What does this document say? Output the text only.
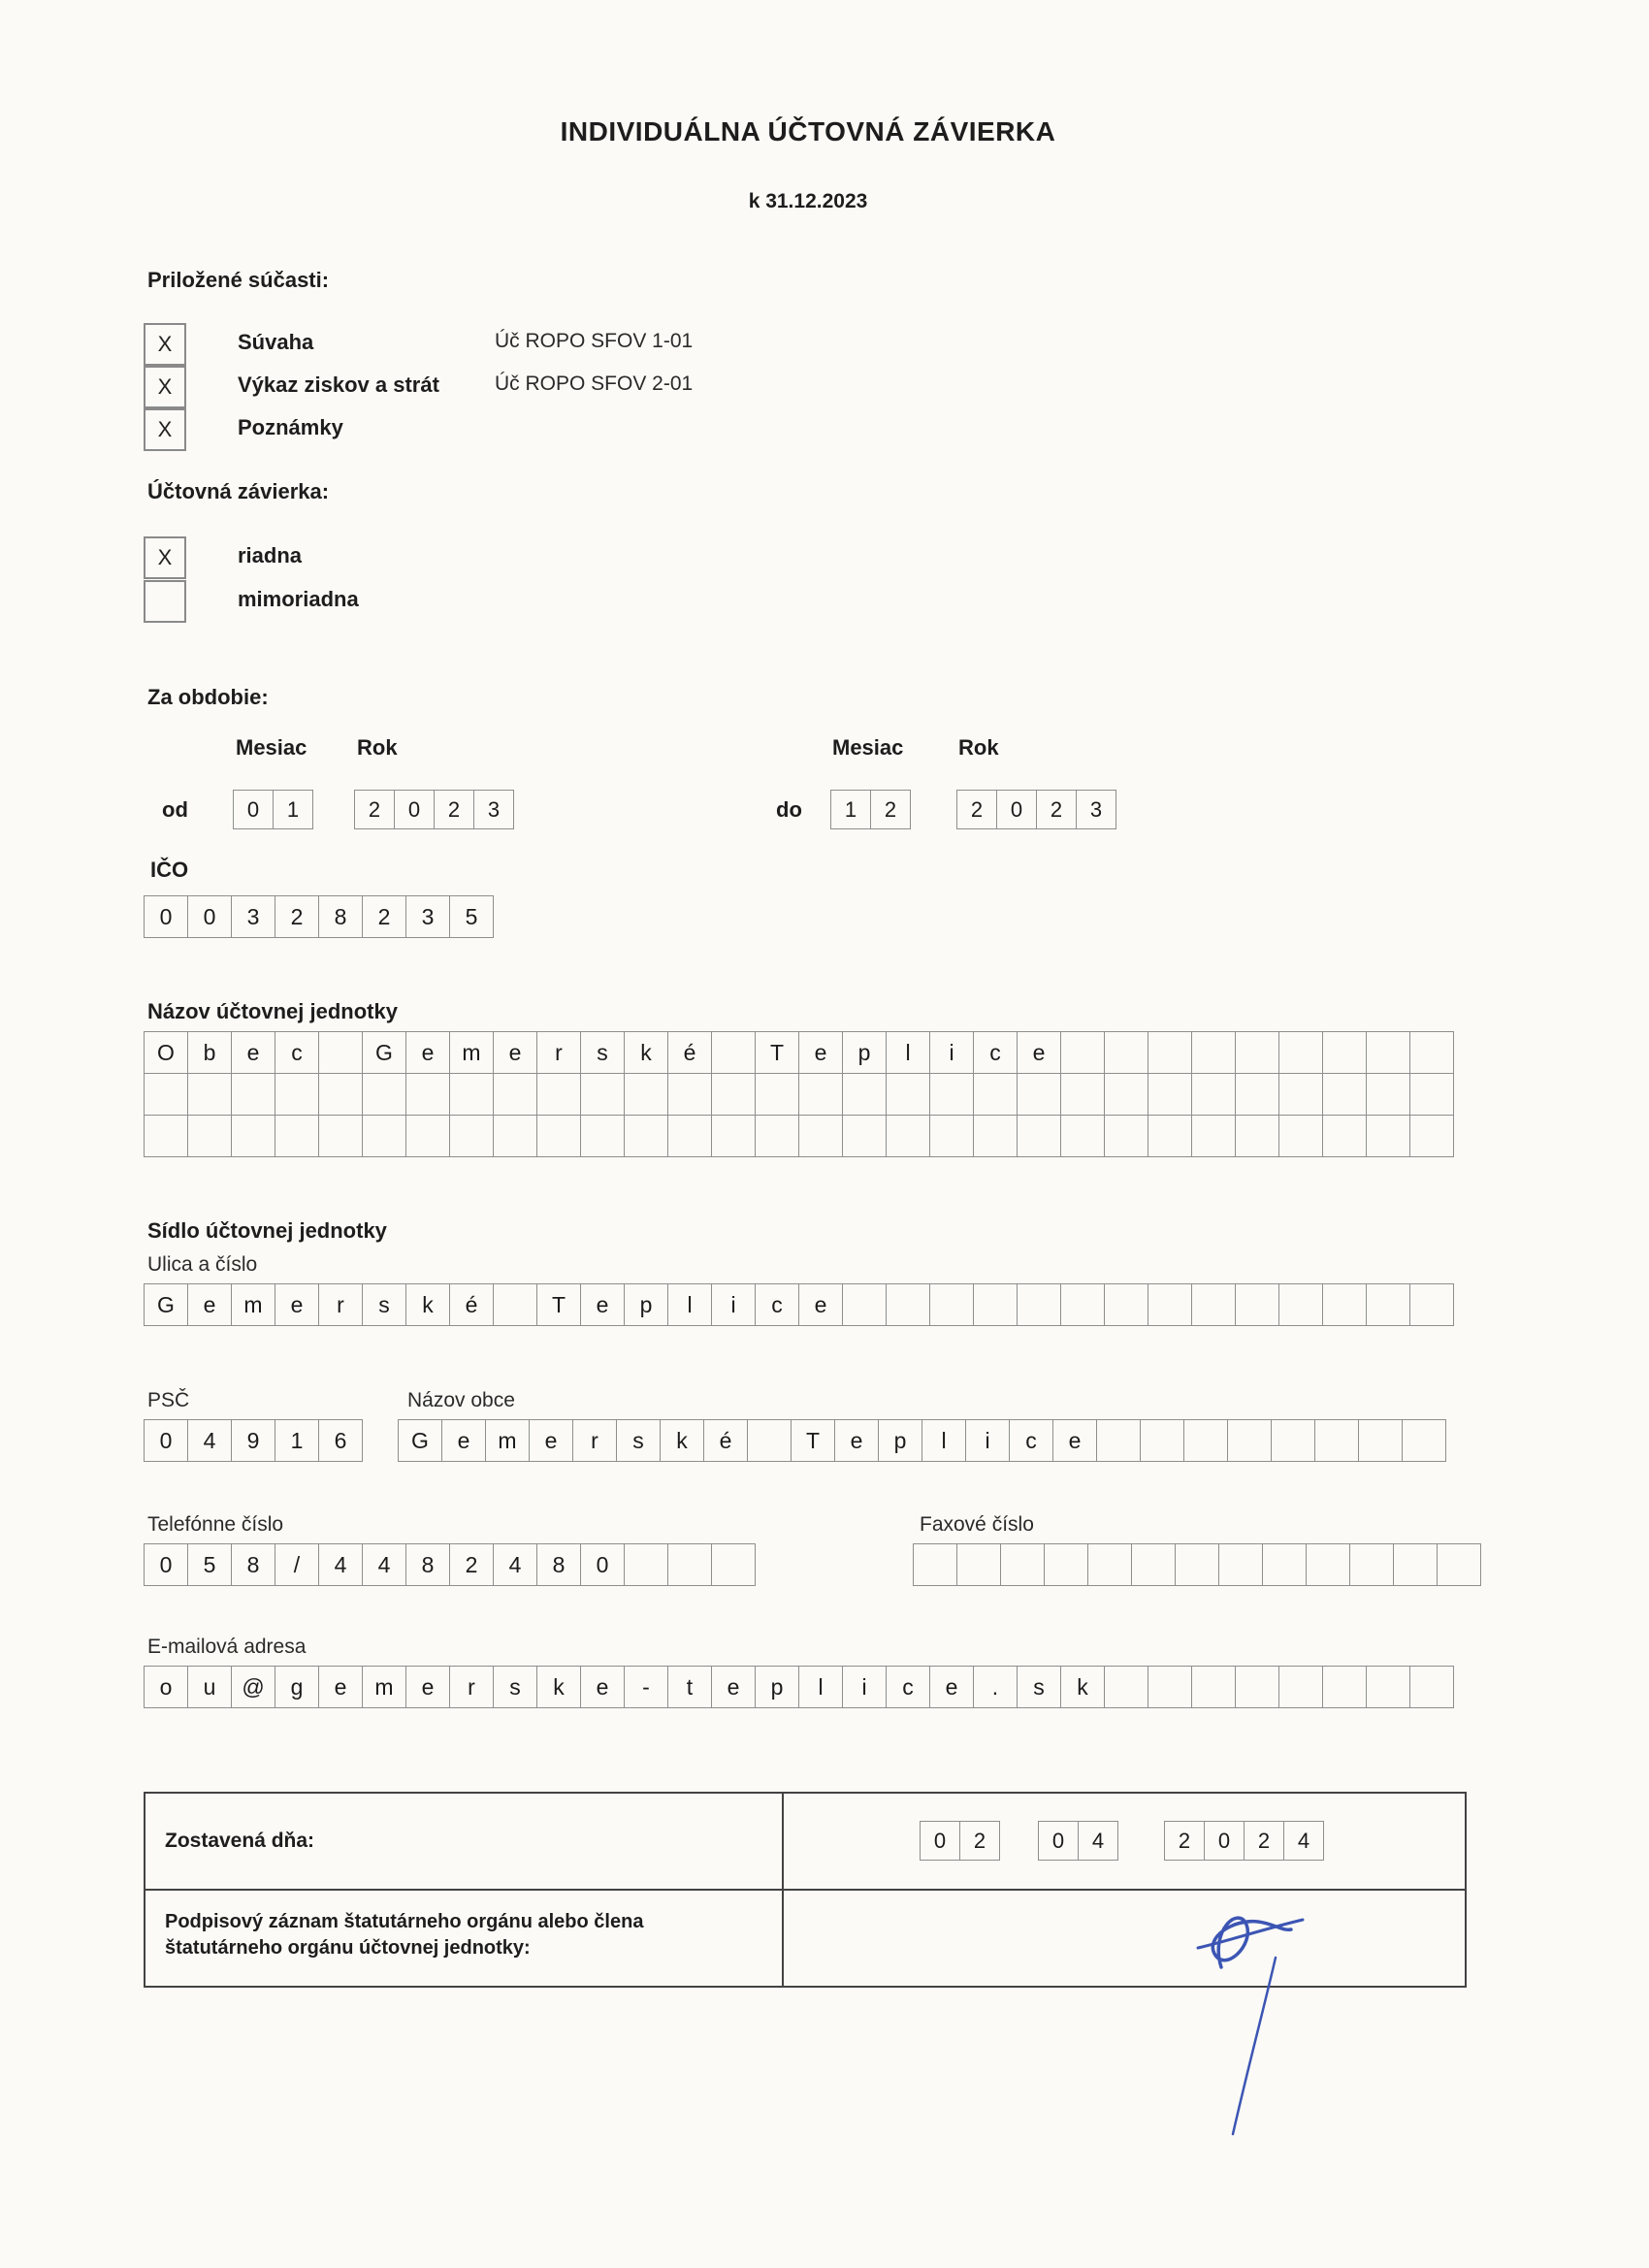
INDIVIDUÁLNA ÚČTOVNÁ ZÁVIERKA
k 31.12.2023
Priložené súčasti:
X	Súvaha	Úč ROPO SFOV 1-01
X	Výkaz ziskov a strát	Úč ROPO SFOV 2-01
X	Poznámky
Účtovná závierka:
X	riadna
mimoriadna
Za obdobie:
Mesiac Rok	Mesiac	Rok
od	0	1	2	0	2	3	do	1	2	2	0	2	3
IČO
0	0	3	2	8	2	3	5
Názov účtovnej jednotky
O	b	e	c	G	e	m	e	r	s	k	é	T	e	p	l	i	c	e
Sídlo účtovnej jednotky
Ulica a číslo
G	e	m	e	r	s	k	é	T	e	p	l	i	c	e
PSČ	Názov obce
0	4	9	1	6	G	e	m	e	r	s	k	é	T	e	p	l	i	c	e
Telefónne číslo	Faxové číslo
0	5	8	/	4	4	8	2	4	8	0
E-mailová adresa
o	u	@	g	e	m	e	r	s	k	e	-	t	e	p	l	i	c	e	.	s	k
Zostavená dňa:	0	2	0	4	2	0	2	4
Podpisový záznam štatutárneho orgánu alebo člena štatutárneho orgánu účtovnej jednotky:
